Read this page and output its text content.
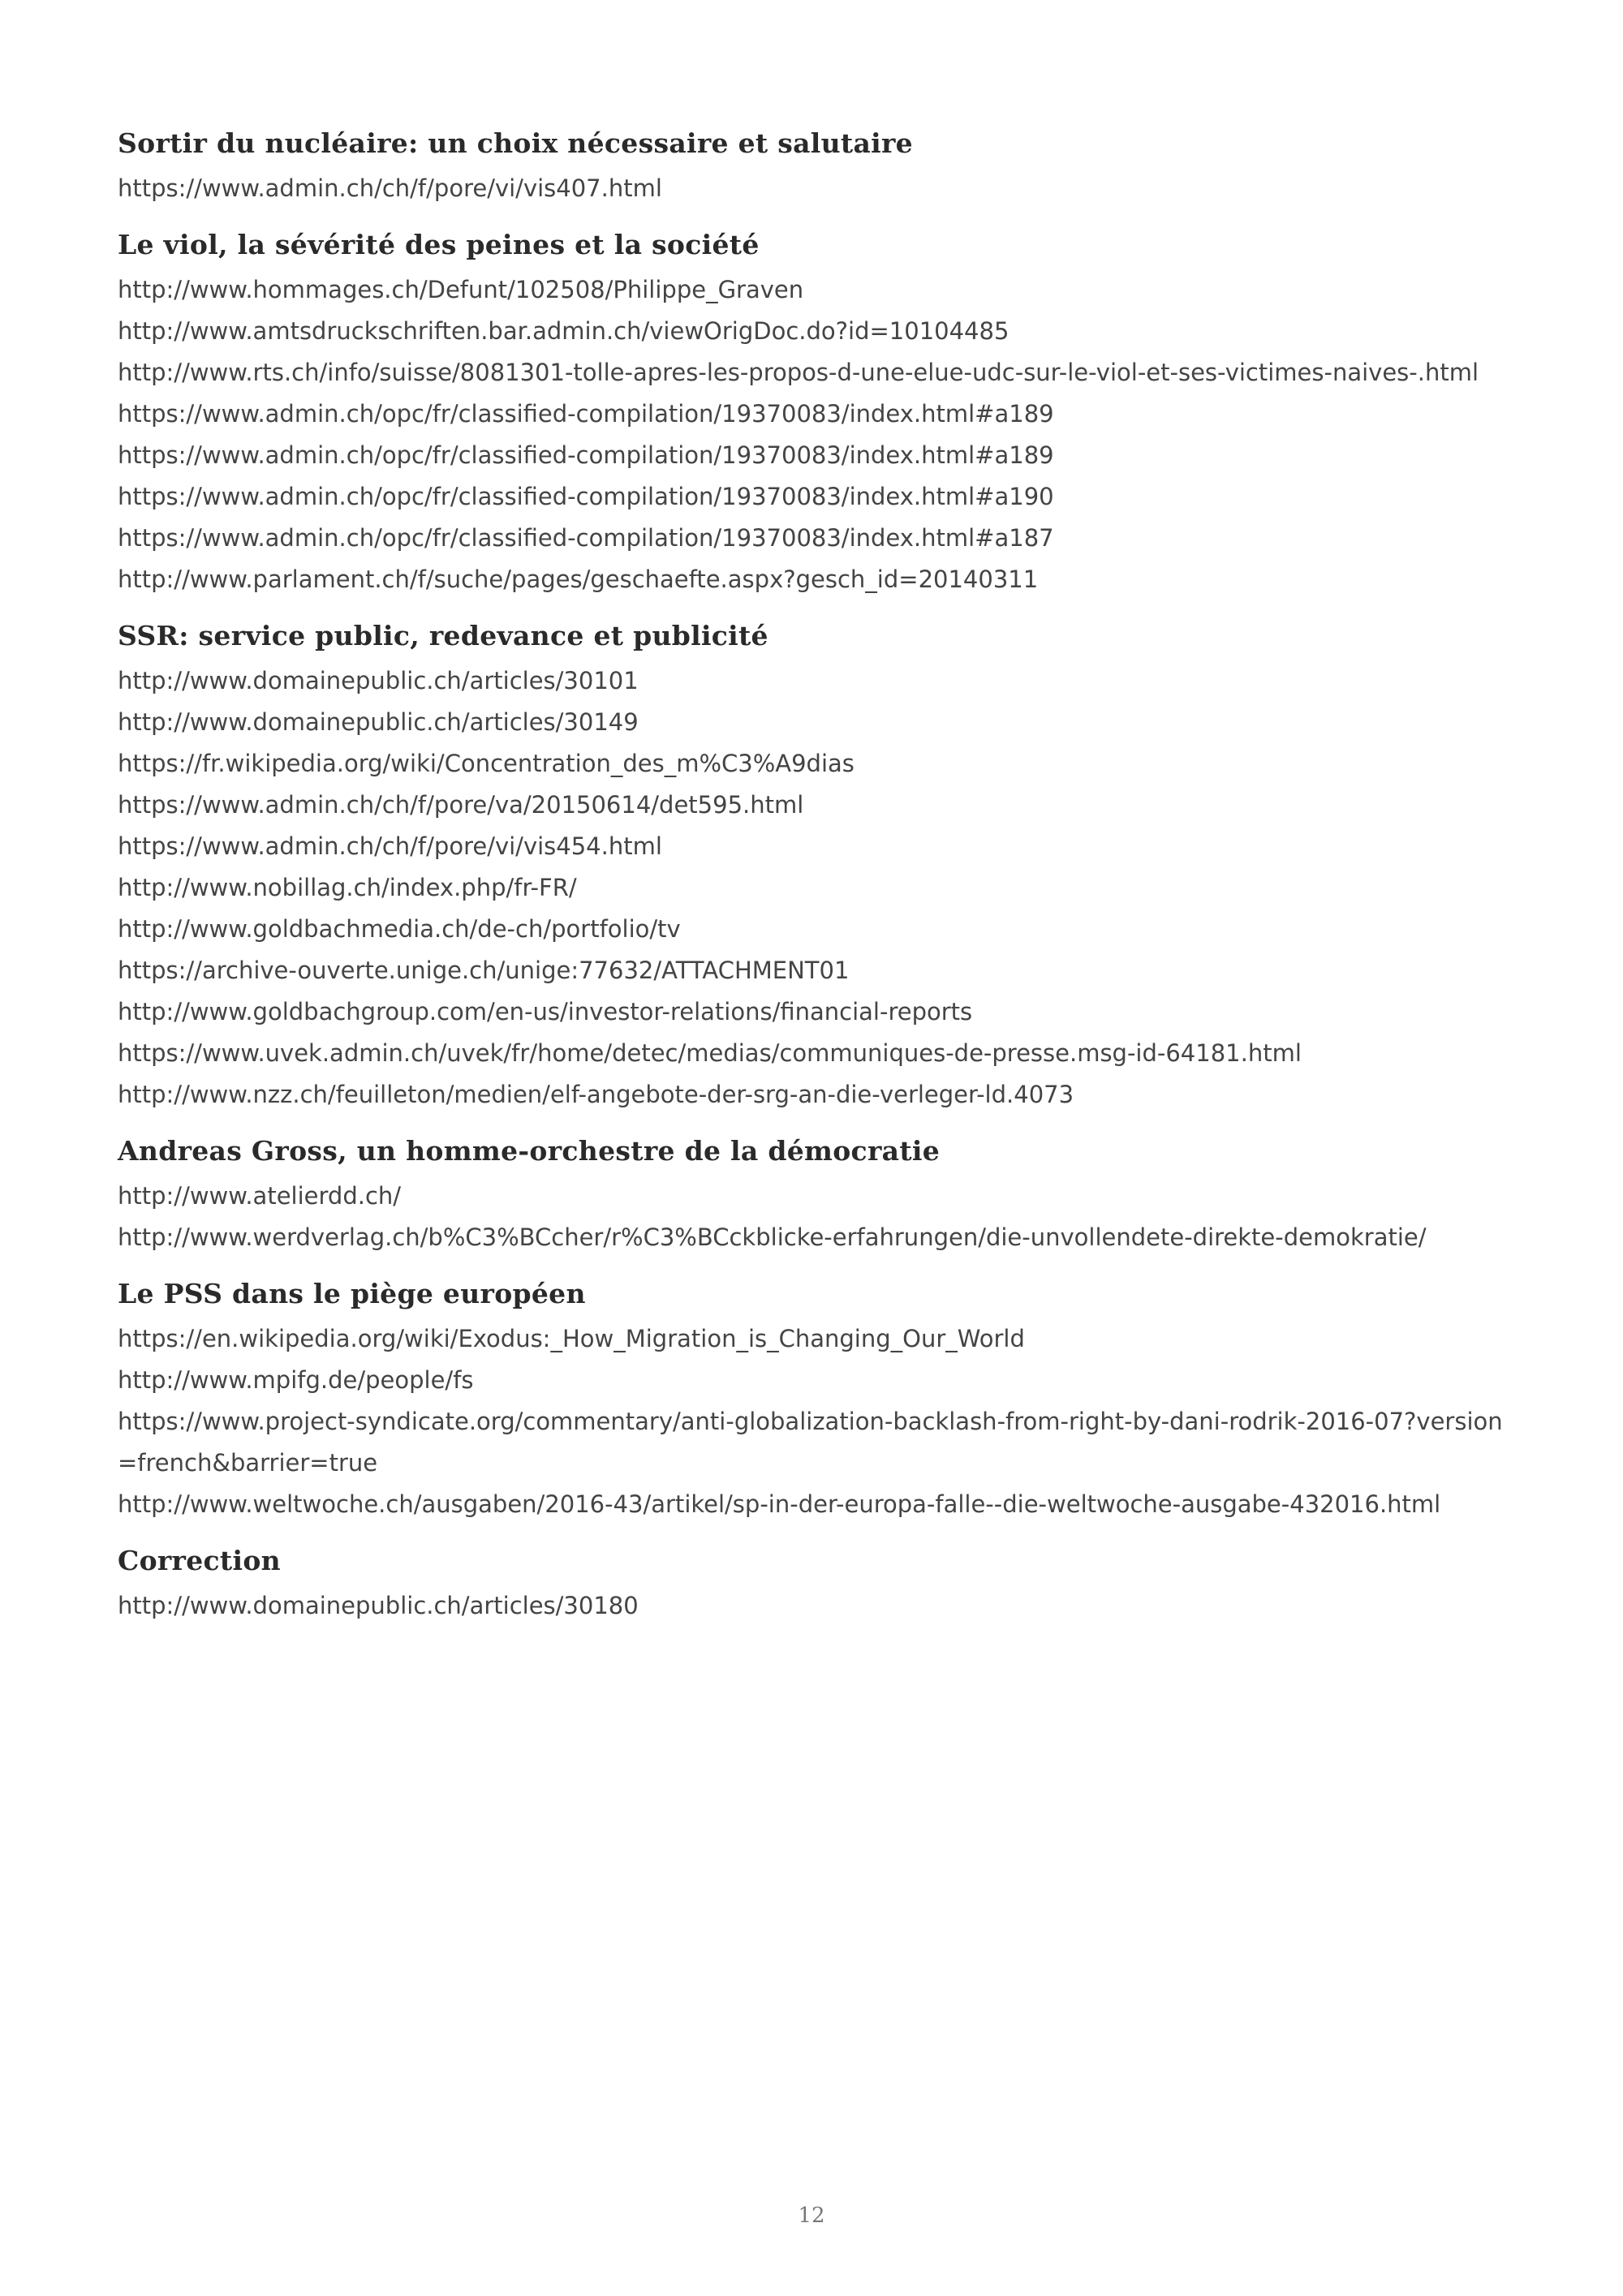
Sortir du nucléaire: un choix nécessaire et salutaire
https://www.admin.ch/ch/f/pore/vi/vis407.html
Le viol, la sévérité des peines et la société
http://www.hommages.ch/Defunt/102508/Philippe_Graven
http://www.amtsdruckschriften.bar.admin.ch/viewOrigDoc.do?id=10104485
http://www.rts.ch/info/suisse/8081301-tolle-apres-les-propos-d-une-elue-udc-sur-le-viol-et-ses-victimes-naives-.html
https://www.admin.ch/opc/fr/classified-compilation/19370083/index.html#a189
https://www.admin.ch/opc/fr/classified-compilation/19370083/index.html#a189
https://www.admin.ch/opc/fr/classified-compilation/19370083/index.html#a190
https://www.admin.ch/opc/fr/classified-compilation/19370083/index.html#a187
http://www.parlament.ch/f/suche/pages/geschaefte.aspx?gesch_id=20140311
SSR: service public, redevance et publicité
http://www.domainepublic.ch/articles/30101
http://www.domainepublic.ch/articles/30149
https://fr.wikipedia.org/wiki/Concentration_des_m%C3%A9dias
https://www.admin.ch/ch/f/pore/va/20150614/det595.html
https://www.admin.ch/ch/f/pore/vi/vis454.html
http://www.nobillag.ch/index.php/fr-FR/
http://www.goldbachmedia.ch/de-ch/portfolio/tv
https://archive-ouverte.unige.ch/unige:77632/ATTACHMENT01
http://www.goldbachgroup.com/en-us/investor-relations/financial-reports
https://www.uvek.admin.ch/uvek/fr/home/detec/medias/communiques-de-presse.msg-id-64181.html
http://www.nzz.ch/feuilleton/medien/elf-angebote-der-srg-an-die-verleger-ld.4073
Andreas Gross, un homme-orchestre de la démocratie
http://www.atelierdd.ch/
http://www.werdverlag.ch/b%C3%BCcher/r%C3%BCckblicke-erfahrungen/die-unvollendete-direkte-demokratie/
Le PSS dans le piège européen
https://en.wikipedia.org/wiki/Exodus:_How_Migration_is_Changing_Our_World
http://www.mpifg.de/people/fs
https://www.project-syndicate.org/commentary/anti-globalization-backlash-from-right-by-dani-rodrik-2016-07?version=french&barrier=true
http://www.weltwoche.ch/ausgaben/2016-43/artikel/sp-in-der-europa-falle--die-weltwoche-ausgabe-432016.html
Correction
http://www.domainepublic.ch/articles/30180
12
